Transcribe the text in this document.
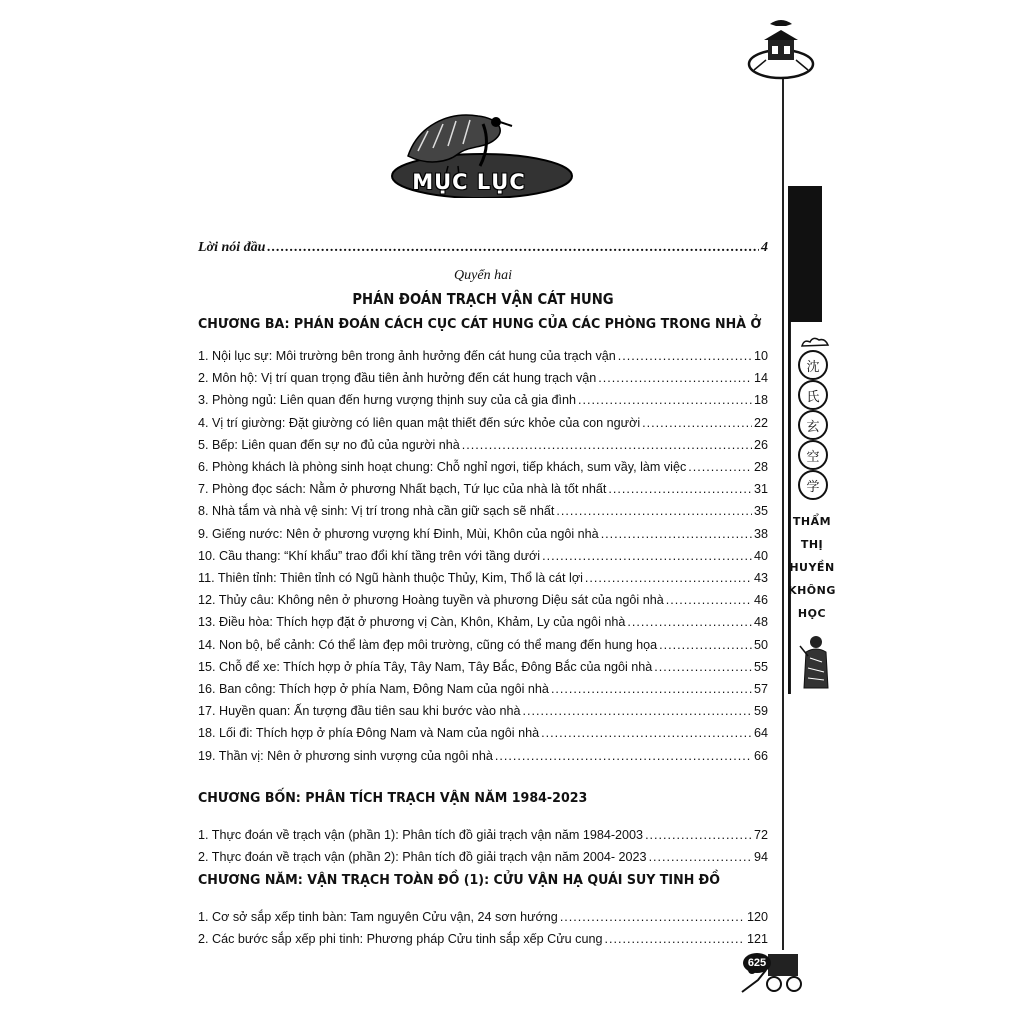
MỤC LỤC
Lời nói đầu .....	4
Quyển hai
PHÁN ĐOÁN TRẠCH VẬN CÁT HUNG
CHƯƠNG BA: PHÁN ĐOÁN CÁCH CỤC CÁT HUNG CỦA CÁC PHÒNG TRONG NHÀ Ở
1. Nội lục sự: Môi trường bên trong ảnh hưởng đến cát hung của trạch vận .....	10
2. Môn hộ: Vị trí quan trọng đầu tiên ảnh hưởng đến cát hung trạch vận .....	14
3. Phòng ngủ: Liên quan đến hưng vượng thịnh suy của cả gia đình .....	18
4. Vị trí giường: Đặt giường có liên quan mật thiết đến sức khỏe của con người .....	22
5. Bếp: Liên quan đến sự no đủ của người nhà .....	26
6. Phòng khách là phòng sinh hoạt chung: Chỗ nghỉ ngơi, tiếp khách, sum vầy, làm việc .....	28
7. Phòng đọc sách: Nằm ở phương Nhất bạch, Tứ lục của nhà là tốt nhất .....	31
8. Nhà tắm và nhà vệ sinh: Vị trí trong nhà cần giữ sạch sẽ nhất .....	35
9. Giếng nước: Nên ở phương vượng khí Đinh, Mùi, Khôn của ngôi nhà .....	38
10. Cầu thang: “Khí khẩu” trao đổi khí tầng trên với tầng dưới .....	40
11. Thiên tỉnh: Thiên tỉnh có Ngũ hành thuộc Thủy, Kim, Thổ là cát lợi .....	43
12. Thủy câu: Không nên ở phương Hoàng tuyền và phương Diệu sát của ngôi nhà .....	46
13. Điều hòa: Thích hợp đặt ở phương vị Càn, Khôn, Khảm, Ly của ngôi nhà .....	48
14. Non bộ, bể cảnh: Có thể làm đẹp môi trường, cũng có thể mang đến hung họa .....	50
15. Chỗ để xe: Thích hợp ở phía Tây, Tây Nam, Tây Bắc, Đông Bắc của ngôi nhà .....	55
16. Ban công: Thích hợp ở phía Nam, Đông Nam của ngôi nhà .....	57
17. Huyền quan: Ấn tượng đầu tiên sau khi bước vào nhà .....	59
18. Lối đi: Thích hợp ở phía Đông Nam và Nam của ngôi nhà .....	64
19. Thần vị: Nên ở phương sinh vượng của ngôi nhà .....	66
CHƯƠNG BỐN: PHÂN TÍCH TRẠCH VẬN NĂM 1984-2023
1. Thực đoán về trạch vận (phần 1): Phân tích đồ giải trạch vận năm 1984-2003 .....	72
2. Thực đoán về trạch vận (phần 2): Phân tích đồ giải trạch vận năm 2004- 2023 .....	94
CHƯƠNG NĂM: VẬN TRẠCH TOÀN ĐỒ (1): CỬU VẬN HẠ QUÁI SUY TINH ĐỒ
1. Cơ sở sắp xếp tinh bàn: Tam nguyên Cửu vận, 24 sơn hướng .....	120
2. Các bước sắp xếp phi tinh: Phương pháp Cửu tinh sắp xếp Cửu cung .....	121
沈
氏
玄
空
学
THẨM
THỊ
HUYỀN
KHÔNG
HỌC
625
